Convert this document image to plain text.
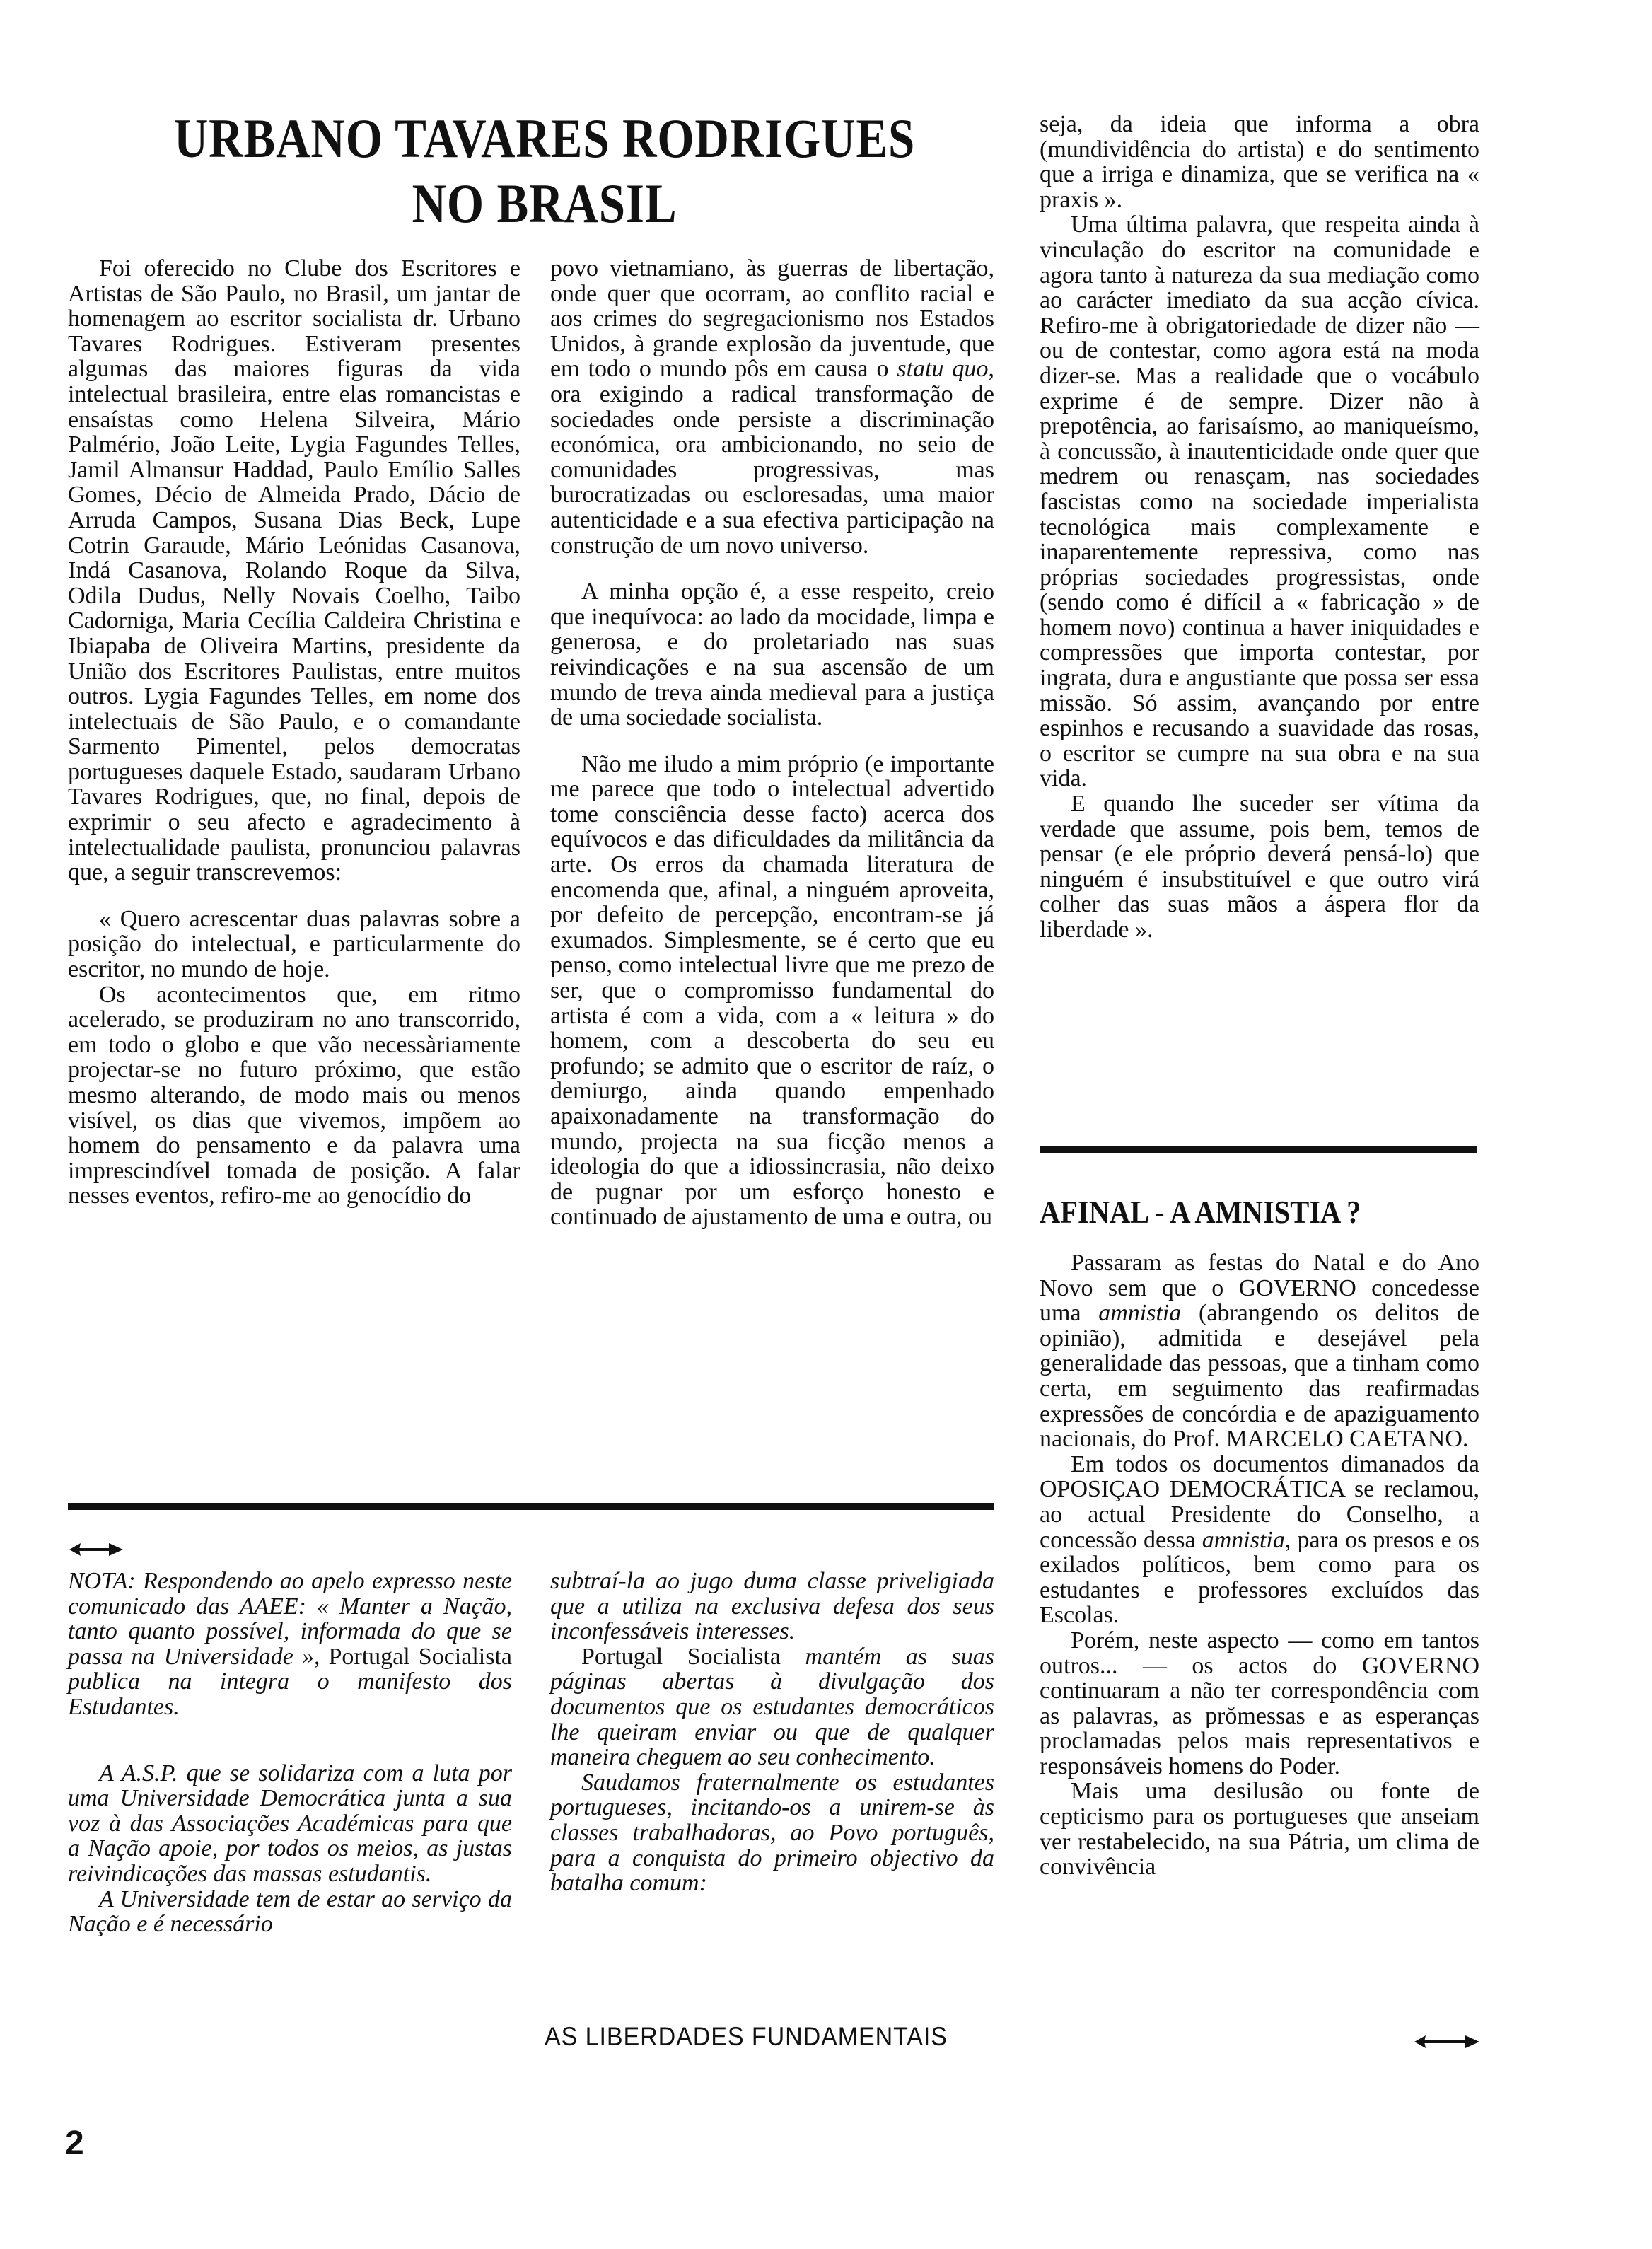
URBANO TAVARES RODRIGUES
NO BRASIL

Foi oferecido no Clube dos Escritores e Artistas de São Paulo, no Brasil, um jantar de homenagem ao escritor socialista dr. Urbano Tavares Rodrigues. Estiveram presentes algumas das maiores figuras da vida intelectual brasileira, entre elas romancistas e ensaístas como Helena Silveira, Mário Palmério, João Leite, Lygia Fagundes Telles, Jamil Almansur Haddad, Paulo Emílio Salles Gomes, Décio de Almeida Prado, Dácio de Arruda Campos, Susana Dias Beck, Lupe Cotrin Garaude, Mário Leónidas Casanova, Indá Casanova, Rolando Roque da Silva, Odila Dudus, Nelly Novais Coelho, Taibo Cadorniga, Maria Cecília Caldeira Christina e Ibiapaba de Oliveira Martins, presidente da União dos Escritores Paulistas, entre muitos outros. Lygia Fagundes Telles, em nome dos intelectuais de São Paulo, e o comandante Sarmento Pimentel, pelos democratas portugueses daquele Estado, saudaram Urbano Tavares Rodrigues, que, no final, depois de exprimir o seu afecto e agradecimento à intelectualidade paulista, pronunciou palavras que, a seguir transcrevemos:

« Quero acrescentar duas palavras sobre a posição do intelectual, e particularmente do escritor, no mundo de hoje.

Os acontecimentos que, em ritmo acelerado, se produziram no ano transcorrido, em todo o globo e que vão necessàriamente projectar-se no futuro próximo, que estão mesmo alterando, de modo mais ou menos visível, os dias que vivemos, impõem ao homem do pensamento e da palavra uma imprescindível tomada de posição. A falar nesses eventos, refiro-me ao genocídio do

povo vietnamiano, às guerras de libertação, onde quer que ocorram, ao conflito racial e aos crimes do segregacionismo nos Estados Unidos, à grande explosão da juventude, que em todo o mundo pôs em causa o statu quo, ora exigindo a radical transformação de sociedades onde persiste a discriminação económica, ora ambicionando, no seio de comunidades progressivas, mas burocratizadas ou escloresadas, uma maior autenticidade e a sua efectiva participação na construção de um novo universo.

A minha opção é, a esse respeito, creio que inequívoca: ao lado da mocidade, limpa e generosa, e do proletariado nas suas reivindicações e na sua ascensão de um mundo de treva ainda medieval para a justiça de uma sociedade socialista.

Não me iludo a mim próprio (e importante me parece que todo o intelectual advertido tome consciência desse facto) acerca dos equívocos e das dificuldades da militância da arte. Os erros da chamada literatura de encomenda que, afinal, a ninguém aproveita, por defeito de percepção, encontram-se já exumados. Simplesmente, se é certo que eu penso, como intelectual livre que me prezo de ser, que o compromisso fundamental do artista é com a vida, com a « leitura » do homem, com a descoberta do seu eu profundo; se admito que o escritor de raíz, o demiurgo, ainda quando empenhado apaixonadamente na transformação do mundo, projecta na sua ficção menos a ideologia do que a idiossincrasia, não deixo de pugnar por um esforço honesto e continuado de ajustamento de uma e outra, ou

seja, da ideia que informa a obra (mundividência do artista) e do sentimento que a irriga e dinamiza, que se verifica na « praxis ».

Uma última palavra, que respeita ainda à vinculação do escritor na comunidade e agora tanto à natureza da sua mediação como ao carácter imediato da sua acção cívica. Refiro-me à obrigatoriedade de dizer não — ou de contestar, como agora está na moda dizer-se. Mas a realidade que o vocábulo exprime é de sempre. Dizer não à prepotência, ao farisaísmo, ao maniqueísmo, à concussão, à inautenticidade onde quer que medrem ou renasçam, nas sociedades fascistas como na sociedade imperialista tecnológica mais complexamente e inaparentemente repressiva, como nas próprias sociedades progressistas, onde (sendo como é difícil a « fabricação » de homem novo) continua a haver iniquidades e compressões que importa contestar, por ingrata, dura e angustiante que possa ser essa missão. Só assim, avançando por entre espinhos e recusando a suavidade das rosas, o escritor se cumpre na sua obra e na sua vida.

E quando lhe suceder ser vítima da verdade que assume, pois bem, temos de pensar (e ele próprio deverá pensá-lo) que ninguém é insubstituível e que outro virá colher das suas mãos a áspera flor da liberdade ».

AFINAL - A AMNISTIA ?

Passaram as festas do Natal e do Ano Novo sem que o GOVERNO concedesse uma amnistia (abrangendo os delitos de opinião), admitida e desejável pela generalidade das pessoas, que a tinham como certa, em seguimento das reafirmadas expressões de concórdia e de apaziguamento nacionais, do Prof. MARCELO CAETANO.

Em todos os documentos dimanados da OPOSIÇAO DEMOCRÁTICA se reclamou, ao actual Presidente do Conselho, a concessão dessa amnistia, para os presos e os exilados políticos, bem como para os estudantes e professores excluídos das Escolas.

Porém, neste aspecto — como em tantos outros... — os actos do GOVERNO continuaram a não ter correspondência com as palavras, as prŏmessas e as esperanças proclamadas pelos mais representativos e responsáveis homens do Poder.

Mais uma desilusão ou fonte de cepticismo para os portugueses que anseiam ver restabelecido, na sua Pátria, um clima de convivência

NOTA: Respondendo ao apelo expresso neste comunicado das AAEE: « Manter a Nação, tanto quanto possível, informada do que se passa na Universidade », Portugal Socialista publica na integra o manifesto dos Estudantes.

A A.S.P. que se solidariza com a luta por uma Universidade Democrática junta a sua voz à das Associações Académicas para que a Nação apoie, por todos os meios, as justas reivindicações das massas estudantis.

A Universidade tem de estar ao serviço da Nação e é necessário

subtraí-la ao jugo duma classe priveligiada que a utiliza na exclusiva defesa dos seus inconfessáveis interesses.

Portugal Socialista mantém as suas páginas abertas à divulgação dos documentos que os estudantes democráticos lhe queiram enviar ou que de qualquer maneira cheguem ao seu conhecimento.

Saudamos fraternalmente os estudantes portugueses, incitando-os a unirem-se às classes trabalhadoras, ao Povo português, para a conquista do primeiro objectivo da batalha comum:

AS LIBERDADES FUNDAMENTAIS
2
